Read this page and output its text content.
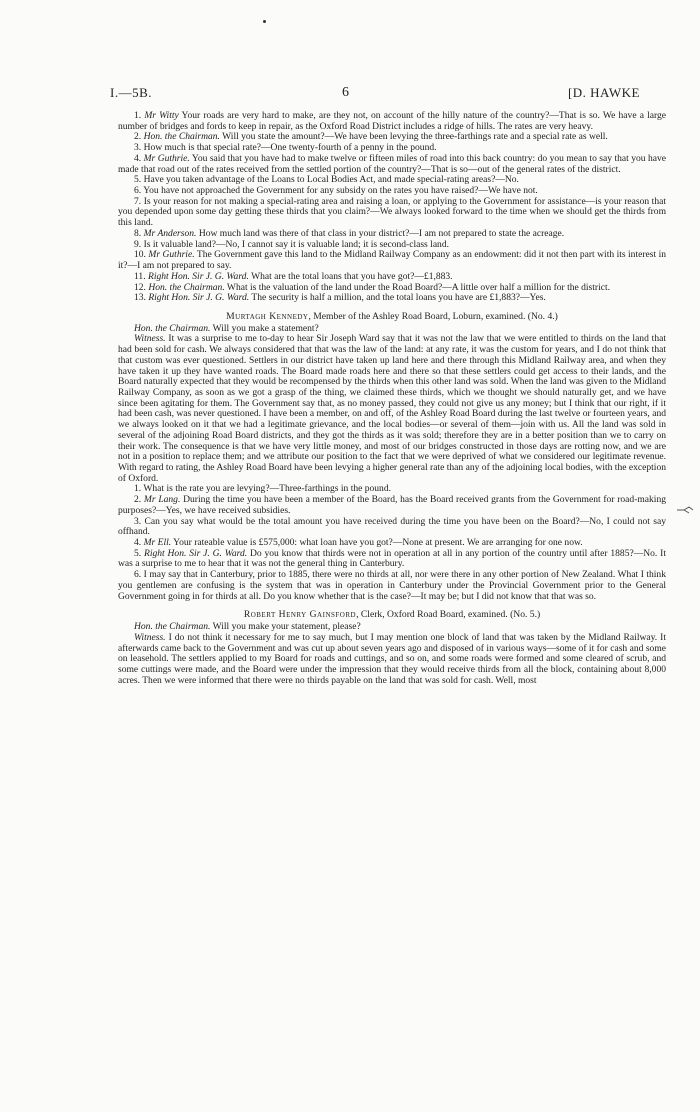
I.—5B.	6	[D. HAWKE

1. Mr Witty Your roads are very hard to make, are they not, on account of the hilly nature of the country?—That is so. We have a large number of bridges and fords to keep in repair, as the Oxford Road District includes a ridge of hills. The rates are very heavy.

2. Hon. the Chairman. Will you state the amount?—We have been levying the three-farthings rate and a special rate as well.

3. How much is that special rate?—One twenty-fourth of a penny in the pound.

4. Mr Guthrie. You said that you have had to make twelve or fifteen miles of road into this back country: do you mean to say that you have made that road out of the rates received from the settled portion of the country?—That is so—out of the general rates of the district.

5. Have you taken advantage of the Loans to Local Bodies Act, and made special-rating areas?—No.

6. You have not approached the Government for any subsidy on the rates you have raised?—We have not.

7. Is your reason for not making a special-rating area and raising a loan, or applying to the Government for assistance—is your reason that you depended upon some day getting these thirds that you claim?—We always looked forward to the time when we should get the thirds from this land.

8. Mr Anderson. How much land was there of that class in your district?—I am not prepared to state the acreage.

9. Is it valuable land?—No, I cannot say it is valuable land; it is second-class land.

10. Mr Guthrie. The Government gave this land to the Midland Railway Company as an endowment: did it not then part with its interest in it?—I am not prepared to say.

11. Right Hon. Sir J. G. Ward. What are the total loans that you have got?—£1,883.

12. Hon. the Chairman. What is the valuation of the land under the Road Board?—A little over half a million for the district.

13. Right Hon. Sir J. G. Ward. The security is half a million, and the total loans you have are £1,883?—Yes.

Murtagh Kennedy, Member of the Ashley Road Board, Loburn, examined. (No. 4.)

Hon. the Chairman. Will you make a statement?

Witness. It was a surprise to me to-day to hear Sir Joseph Ward say that it was not the law that we were entitled to thirds on the land that had been sold for cash. We always considered that that was the law of the land: at any rate, it was the custom for years, and I do not think that that custom was ever questioned. Settlers in our district have taken up land here and there through this Midland Railway area, and when they have taken it up they have wanted roads. The Board made roads here and there so that these settlers could get access to their lands, and the Board naturally expected that they would be recompensed by the thirds when this other land was sold. When the land was given to the Midland Railway Company, as soon as we got a grasp of the thing, we claimed these thirds, which we thought we should naturally get, and we have since been agitating for them. The Government say that, as no money passed, they could not give us any money; but I think that our right, if it had been cash, was never questioned. I have been a member, on and off, of the Ashley Road Board during the last twelve or fourteen years, and we always looked on it that we had a legitimate grievance, and the local bodies—or several of them—join with us. All the land was sold in several of the adjoining Road Board districts, and they got the thirds as it was sold; therefore they are in a better position than we to carry on their work. The consequence is that we have very little money, and most of our bridges constructed in those days are rotting now, and we are not in a position to replace them; and we attribute our position to the fact that we were deprived of what we considered our legitimate revenue. With regard to rating, the Ashley Road Board have been levying a higher general rate than any of the adjoining local bodies, with the exception of Oxford.

1. What is the rate you are levying?—Three-farthings in the pound.

2. Mr Lang. During the time you have been a member of the Board, has the Board received grants from the Government for road-making purposes?—Yes, we have received subsidies.

3. Can you say what would be the total amount you have received during the time you have been on the Board?—No, I could not say offhand.

4. Mr Ell. Your rateable value is £575,000: what loan have you got?—None at present. We are arranging for one now.

5. Right Hon. Sir J. G. Ward. Do you know that thirds were not in operation at all in any portion of the country until after 1885?—No. It was a surprise to me to hear that it was not the general thing in Canterbury.

6. I may say that in Canterbury, prior to 1885, there were no thirds at all, nor were there in any other portion of New Zealand. What I think you gentlemen are confusing is the system that was in operation in Canterbury under the Provincial Government prior to the General Government going in for thirds at all. Do you know whether that is the case?—It may be; but I did not know that that was so.

Robert Henry Gainsford, Clerk, Oxford Road Board, examined. (No. 5.)

Hon. the Chairman. Will you make your statement, please?

Witness. I do not think it necessary for me to say much, but I may mention one block of land that was taken by the Midland Railway. It afterwards came back to the Government and was cut up about seven years ago and disposed of in various ways—some of it for cash and some on leasehold. The settlers applied to my Board for roads and cuttings, and so on, and some roads were formed and some cleared of scrub, and some cuttings were made, and the Board were under the impression that they would receive thirds from all the block, containing about 8,000 acres. Then we were informed that there were no thirds payable on the land that was sold for cash. Well, most
